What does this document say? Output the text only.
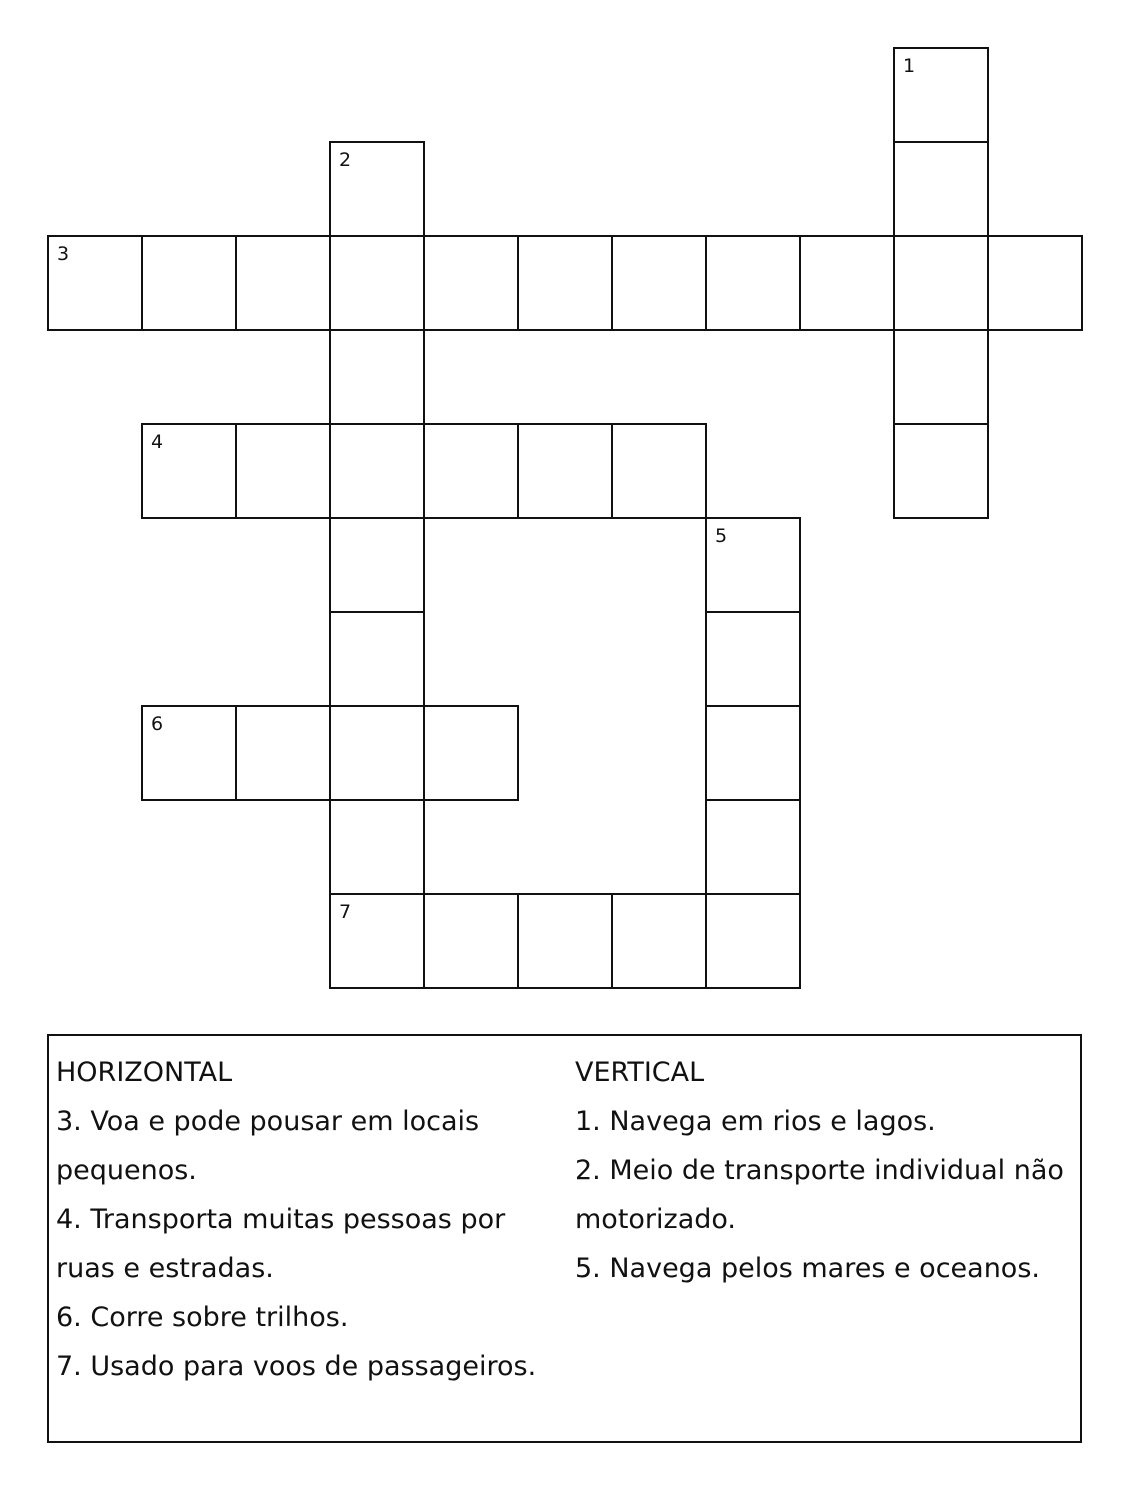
1
2
7
3
4
5
6
HORIZONTAL
3. Voa e pode pousar em locais
pequenos.
4. Transporta muitas pessoas por
ruas e estradas.
6. Corre sobre trilhos.
7. Usado para voos de passageiros.
VERTICAL
1. Navega em rios e lagos.
2. Meio de transporte individual não
motorizado.
5. Navega pelos mares e oceanos.
